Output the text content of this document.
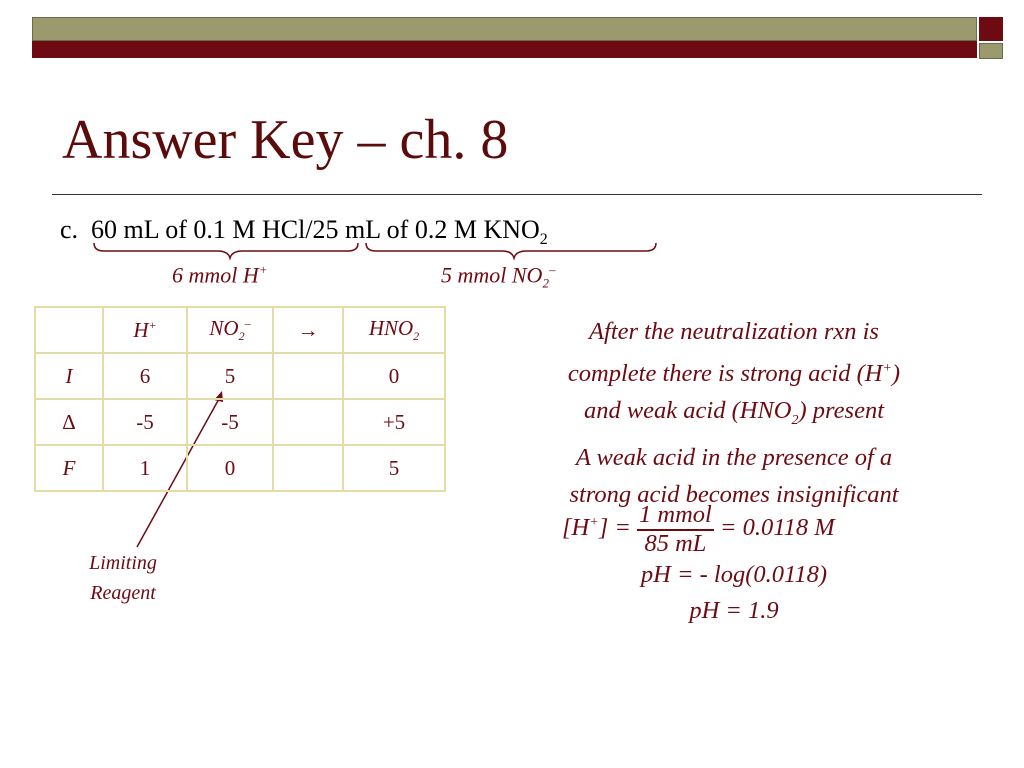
Answer Key – ch. 8
c. 60 mL of 0.1 M HCl/25 mL of 0.2 M $KNO_2$
6 mmol H+	5 mmol $NO_2^-$
	H+	$NO_2^-$	→	$HNO_2$
I	6	5		0
Δ	-5	-5		+5
F	1	0		5
After the neutralization rxn is
complete there is strong acid (H+)
and weak acid $(HNO_2)$ present
A weak acid in the presence of a
strong acid becomes insignificant
$[H^+] = \frac{\text{1 mmol}}{85 mL} = 0.0118$ M
pH = - log(0.0118)
pH = 1.9
Limiting
Reagent
